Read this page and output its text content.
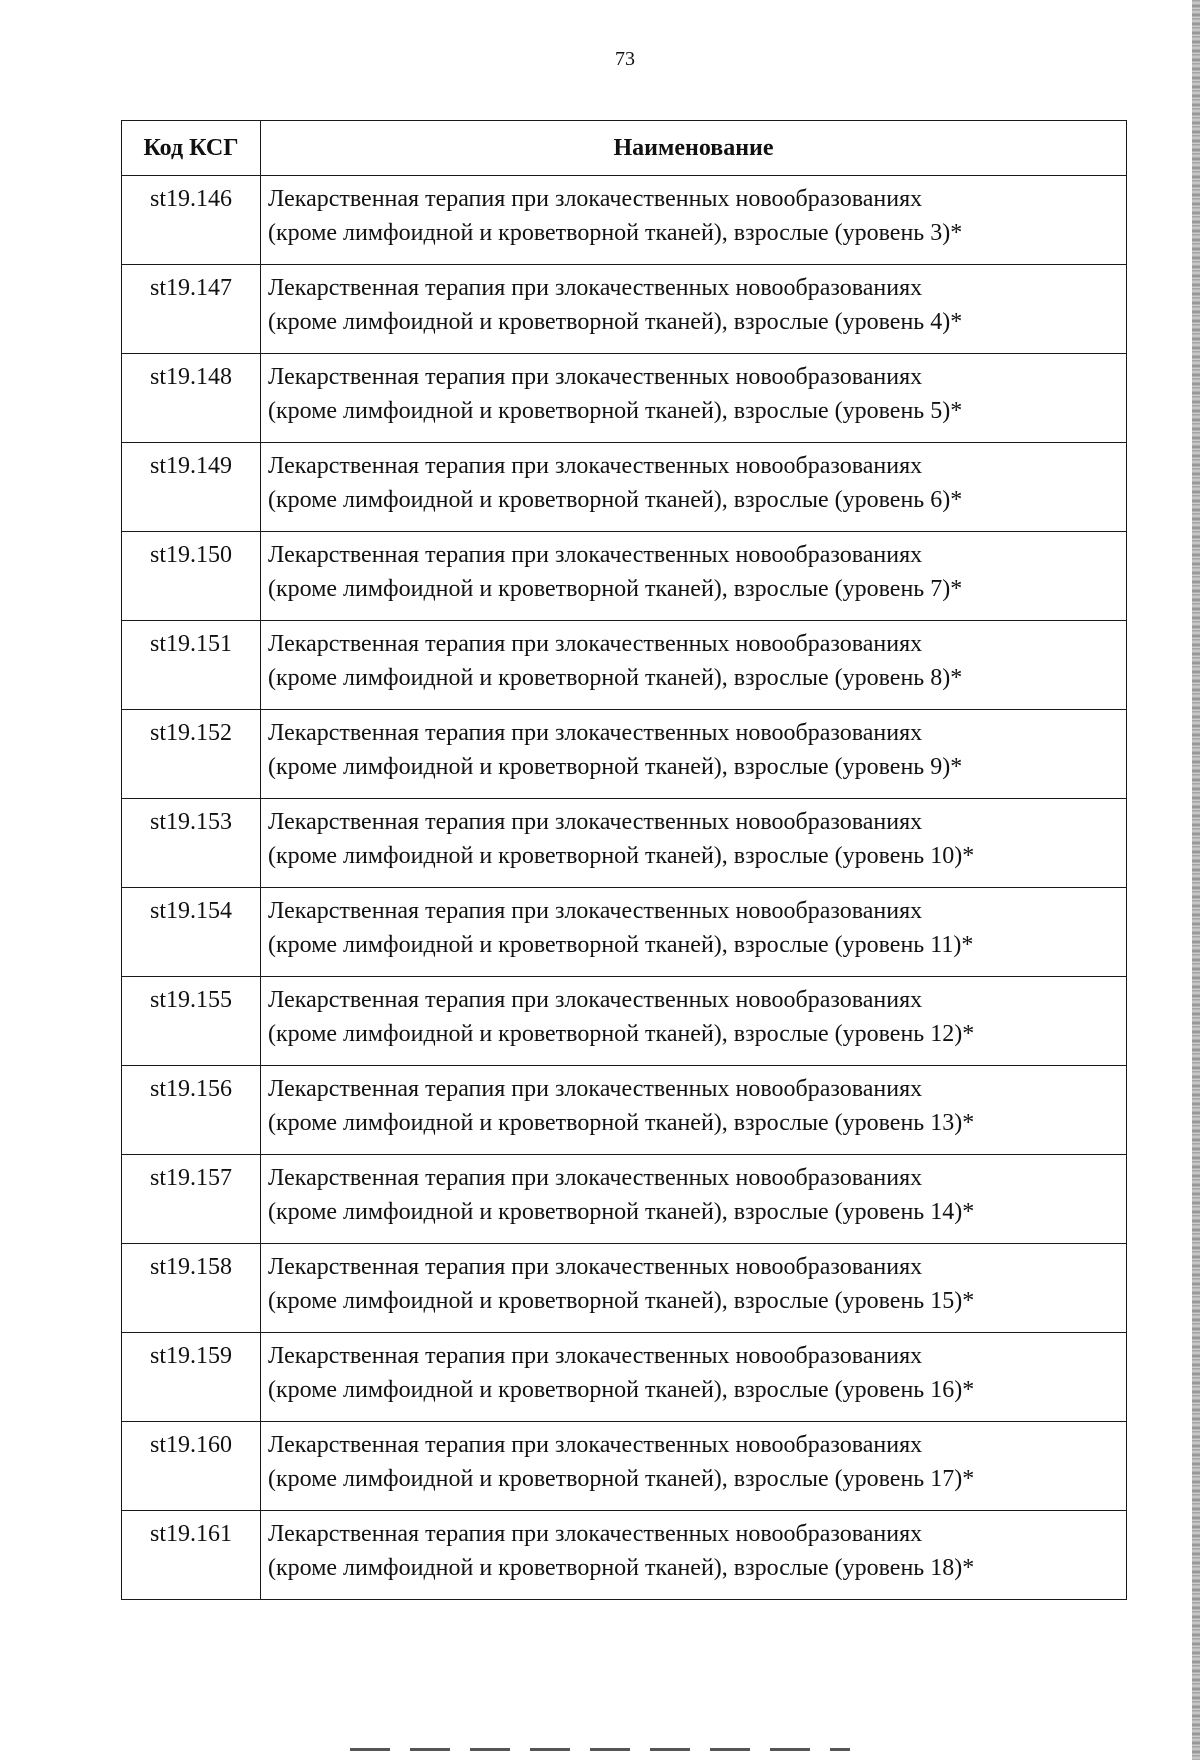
73
Код КСГ	Наименование
st19.146	Лекарственная терапия при злокачественных новообразованиях
(кроме лимфоидной и кроветворной тканей), взрослые (уровень 3)*
st19.147	Лекарственная терапия при злокачественных новообразованиях
(кроме лимфоидной и кроветворной тканей), взрослые (уровень 4)*
st19.148	Лекарственная терапия при злокачественных новообразованиях
(кроме лимфоидной и кроветворной тканей), взрослые (уровень 5)*
st19.149	Лекарственная терапия при злокачественных новообразованиях
(кроме лимфоидной и кроветворной тканей), взрослые (уровень 6)*
st19.150	Лекарственная терапия при злокачественных новообразованиях
(кроме лимфоидной и кроветворной тканей), взрослые (уровень 7)*
st19.151	Лекарственная терапия при злокачественных новообразованиях
(кроме лимфоидной и кроветворной тканей), взрослые (уровень 8)*
st19.152	Лекарственная терапия при злокачественных новообразованиях
(кроме лимфоидной и кроветворной тканей), взрослые (уровень 9)*
st19.153	Лекарственная терапия при злокачественных новообразованиях
(кроме лимфоидной и кроветворной тканей), взрослые (уровень 10)*
st19.154	Лекарственная терапия при злокачественных новообразованиях
(кроме лимфоидной и кроветворной тканей), взрослые (уровень 11)*
st19.155	Лекарственная терапия при злокачественных новообразованиях
(кроме лимфоидной и кроветворной тканей), взрослые (уровень 12)*
st19.156	Лекарственная терапия при злокачественных новообразованиях
(кроме лимфоидной и кроветворной тканей), взрослые (уровень 13)*
st19.157	Лекарственная терапия при злокачественных новообразованиях
(кроме лимфоидной и кроветворной тканей), взрослые (уровень 14)*
st19.158	Лекарственная терапия при злокачественных новообразованиях
(кроме лимфоидной и кроветворной тканей), взрослые (уровень 15)*
st19.159	Лекарственная терапия при злокачественных новообразованиях
(кроме лимфоидной и кроветворной тканей), взрослые (уровень 16)*
st19.160	Лекарственная терапия при злокачественных новообразованиях
(кроме лимфоидной и кроветворной тканей), взрослые (уровень 17)*
st19.161	Лекарственная терапия при злокачественных новообразованиях
(кроме лимфоидной и кроветворной тканей), взрослые (уровень 18)*
